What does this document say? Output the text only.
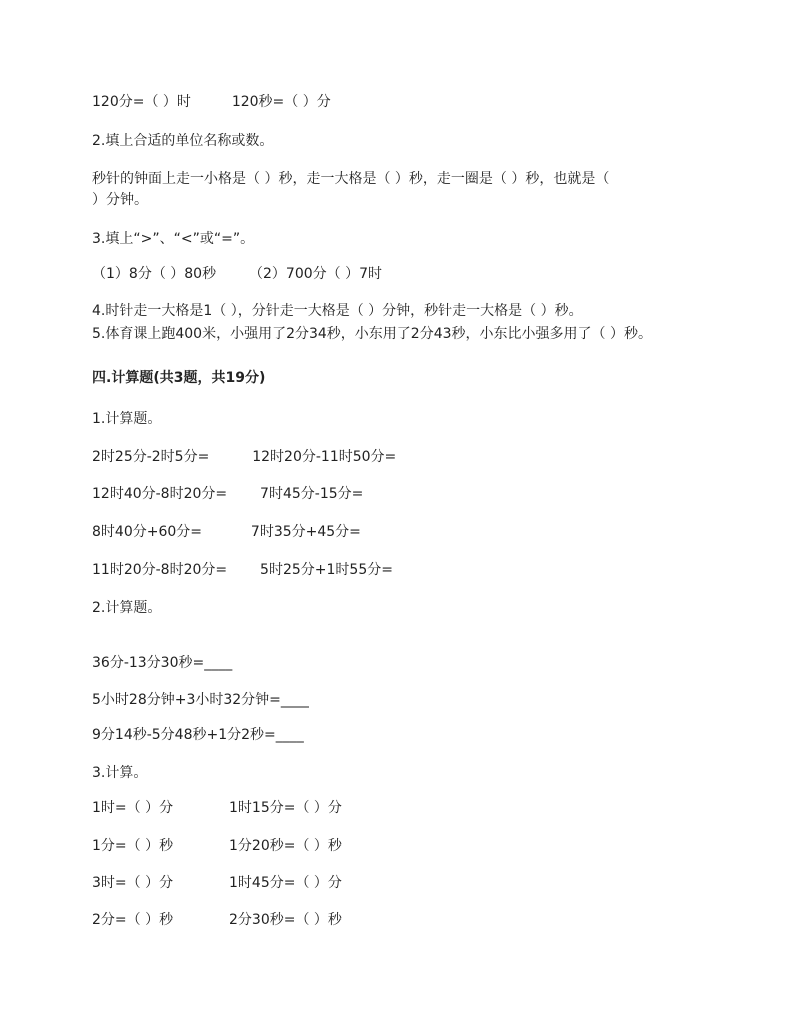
120分=（ ）时	120秒=（ ）分
2.填上合适的单位名称或数。
秒针的钟面上走一小格是（ ）秒，走一大格是（ ）秒，走一圈是（ ）秒，也就是（
）分钟。
3.填上“>”、“<”或“=”。
（1）8分（ ）80秒 （2）700分（ ）7时
4.时针走一大格是1（ ），分针走一大格是（ ）分钟，秒针走一大格是（ ）秒。
5.体育课上跑400米，小强用了2分34秒，小东用了2分43秒，小东比小强多用了（ ）秒。
四.计算题(共3题，共19分)
1.计算题。
2时25分-2时5分=	12时20分-11时50分=
12时40分-8时20分= 7时45分-15分=
8时40分+60分=	7时35分+45分=
11时20分-8时20分= 5时25分+1时55分=
2.计算题。
36分-13分30秒=____
5小时28分钟+3小时32分钟=____
9分14秒-5分48秒+1分2秒=____
3.计算。
1时=（ ）分	1时15分=（ ）分
1分=（ ）秒	1分20秒=（ ）秒
3时=（ ）分	1时45分=（ ）分
2分=（ ）秒	2分30秒=（ ）秒
